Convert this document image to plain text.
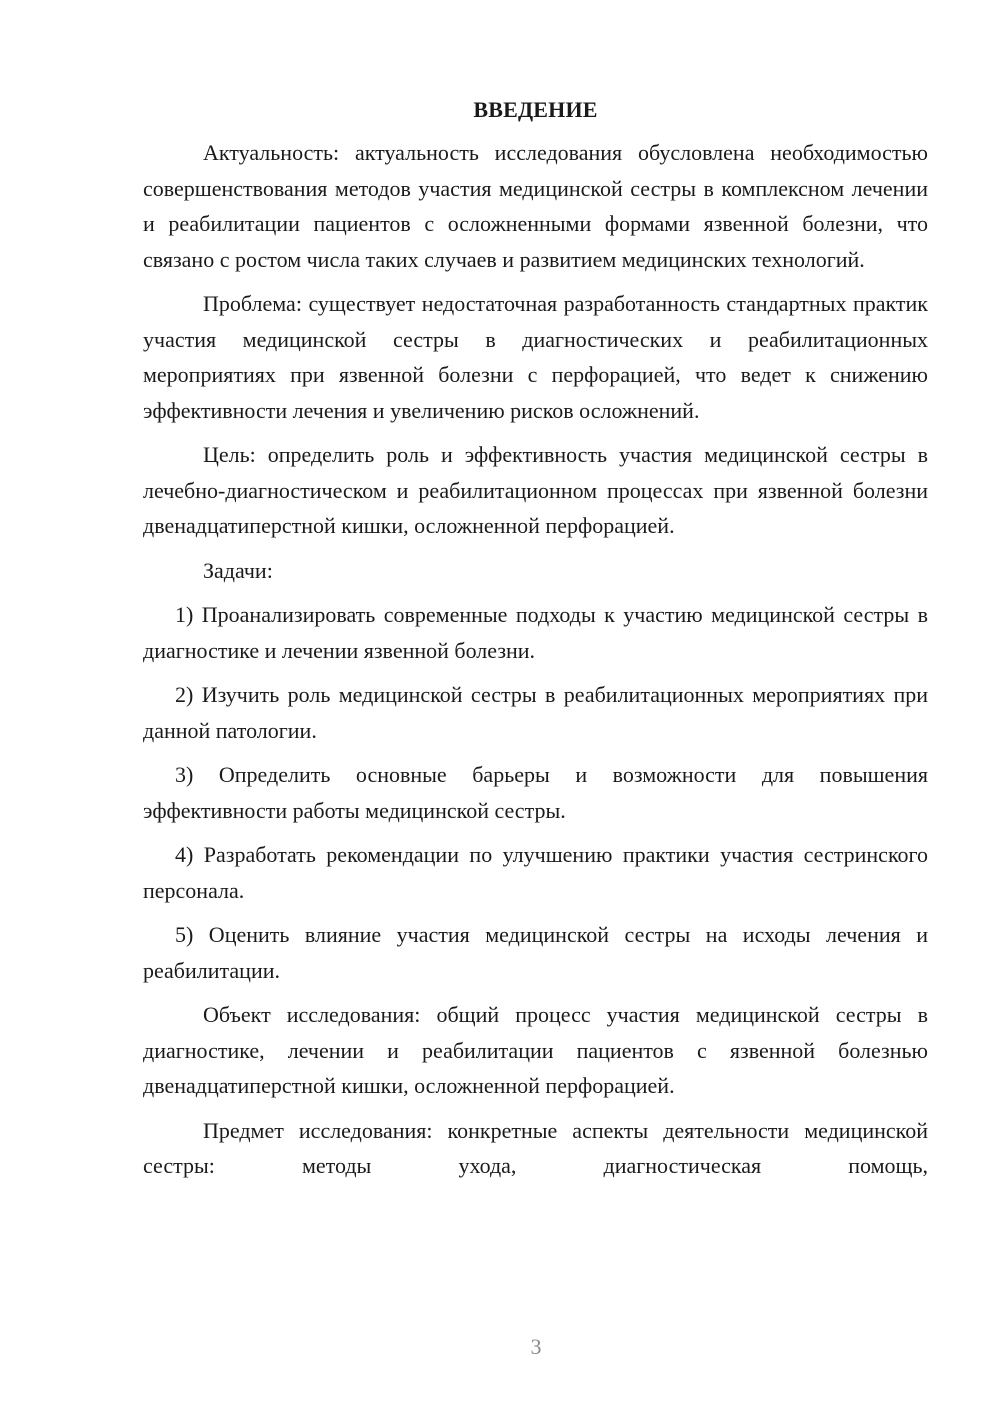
ВВЕДЕНИЕ

Актуальность: актуальность исследования обусловлена необходимостью совершенствования методов участия медицинской сестры в комплексном лечении и реабилитации пациентов с осложненными формами язвенной болезни, что связано с ростом числа таких случаев и развитием медицинских технологий.

Проблема: существует недостаточная разработанность стандартных практик участия медицинской сестры в диагностических и реабилитационных мероприятиях при язвенной болезни с перфорацией, что ведет к снижению эффективности лечения и увеличению рисков осложнений.

Цель: определить роль и эффективность участия медицинской сестры в лечебно-диагностическом и реабилитационном процессах при язвенной болезни двенадцатиперстной кишки, осложненной перфорацией.

Задачи:

1) Проанализировать современные подходы к участию медицинской сестры в диагностике и лечении язвенной болезни.

2) Изучить роль медицинской сестры в реабилитационных мероприятиях при данной патологии.

3) Определить основные барьеры и возможности для повышения эффективности работы медицинской сестры.

4) Разработать рекомендации по улучшению практики участия сестринского персонала.

5) Оценить влияние участия медицинской сестры на исходы лечения и реабилитации.

Объект исследования: общий процесс участия медицинской сестры в диагностике, лечении и реабилитации пациентов с язвенной болезнью двенадцатиперстной кишки, осложненной перфорацией.

Предмет исследования: конкретные аспекты деятельности медицинской сестры: методы ухода, диагностическая помощь,

3
